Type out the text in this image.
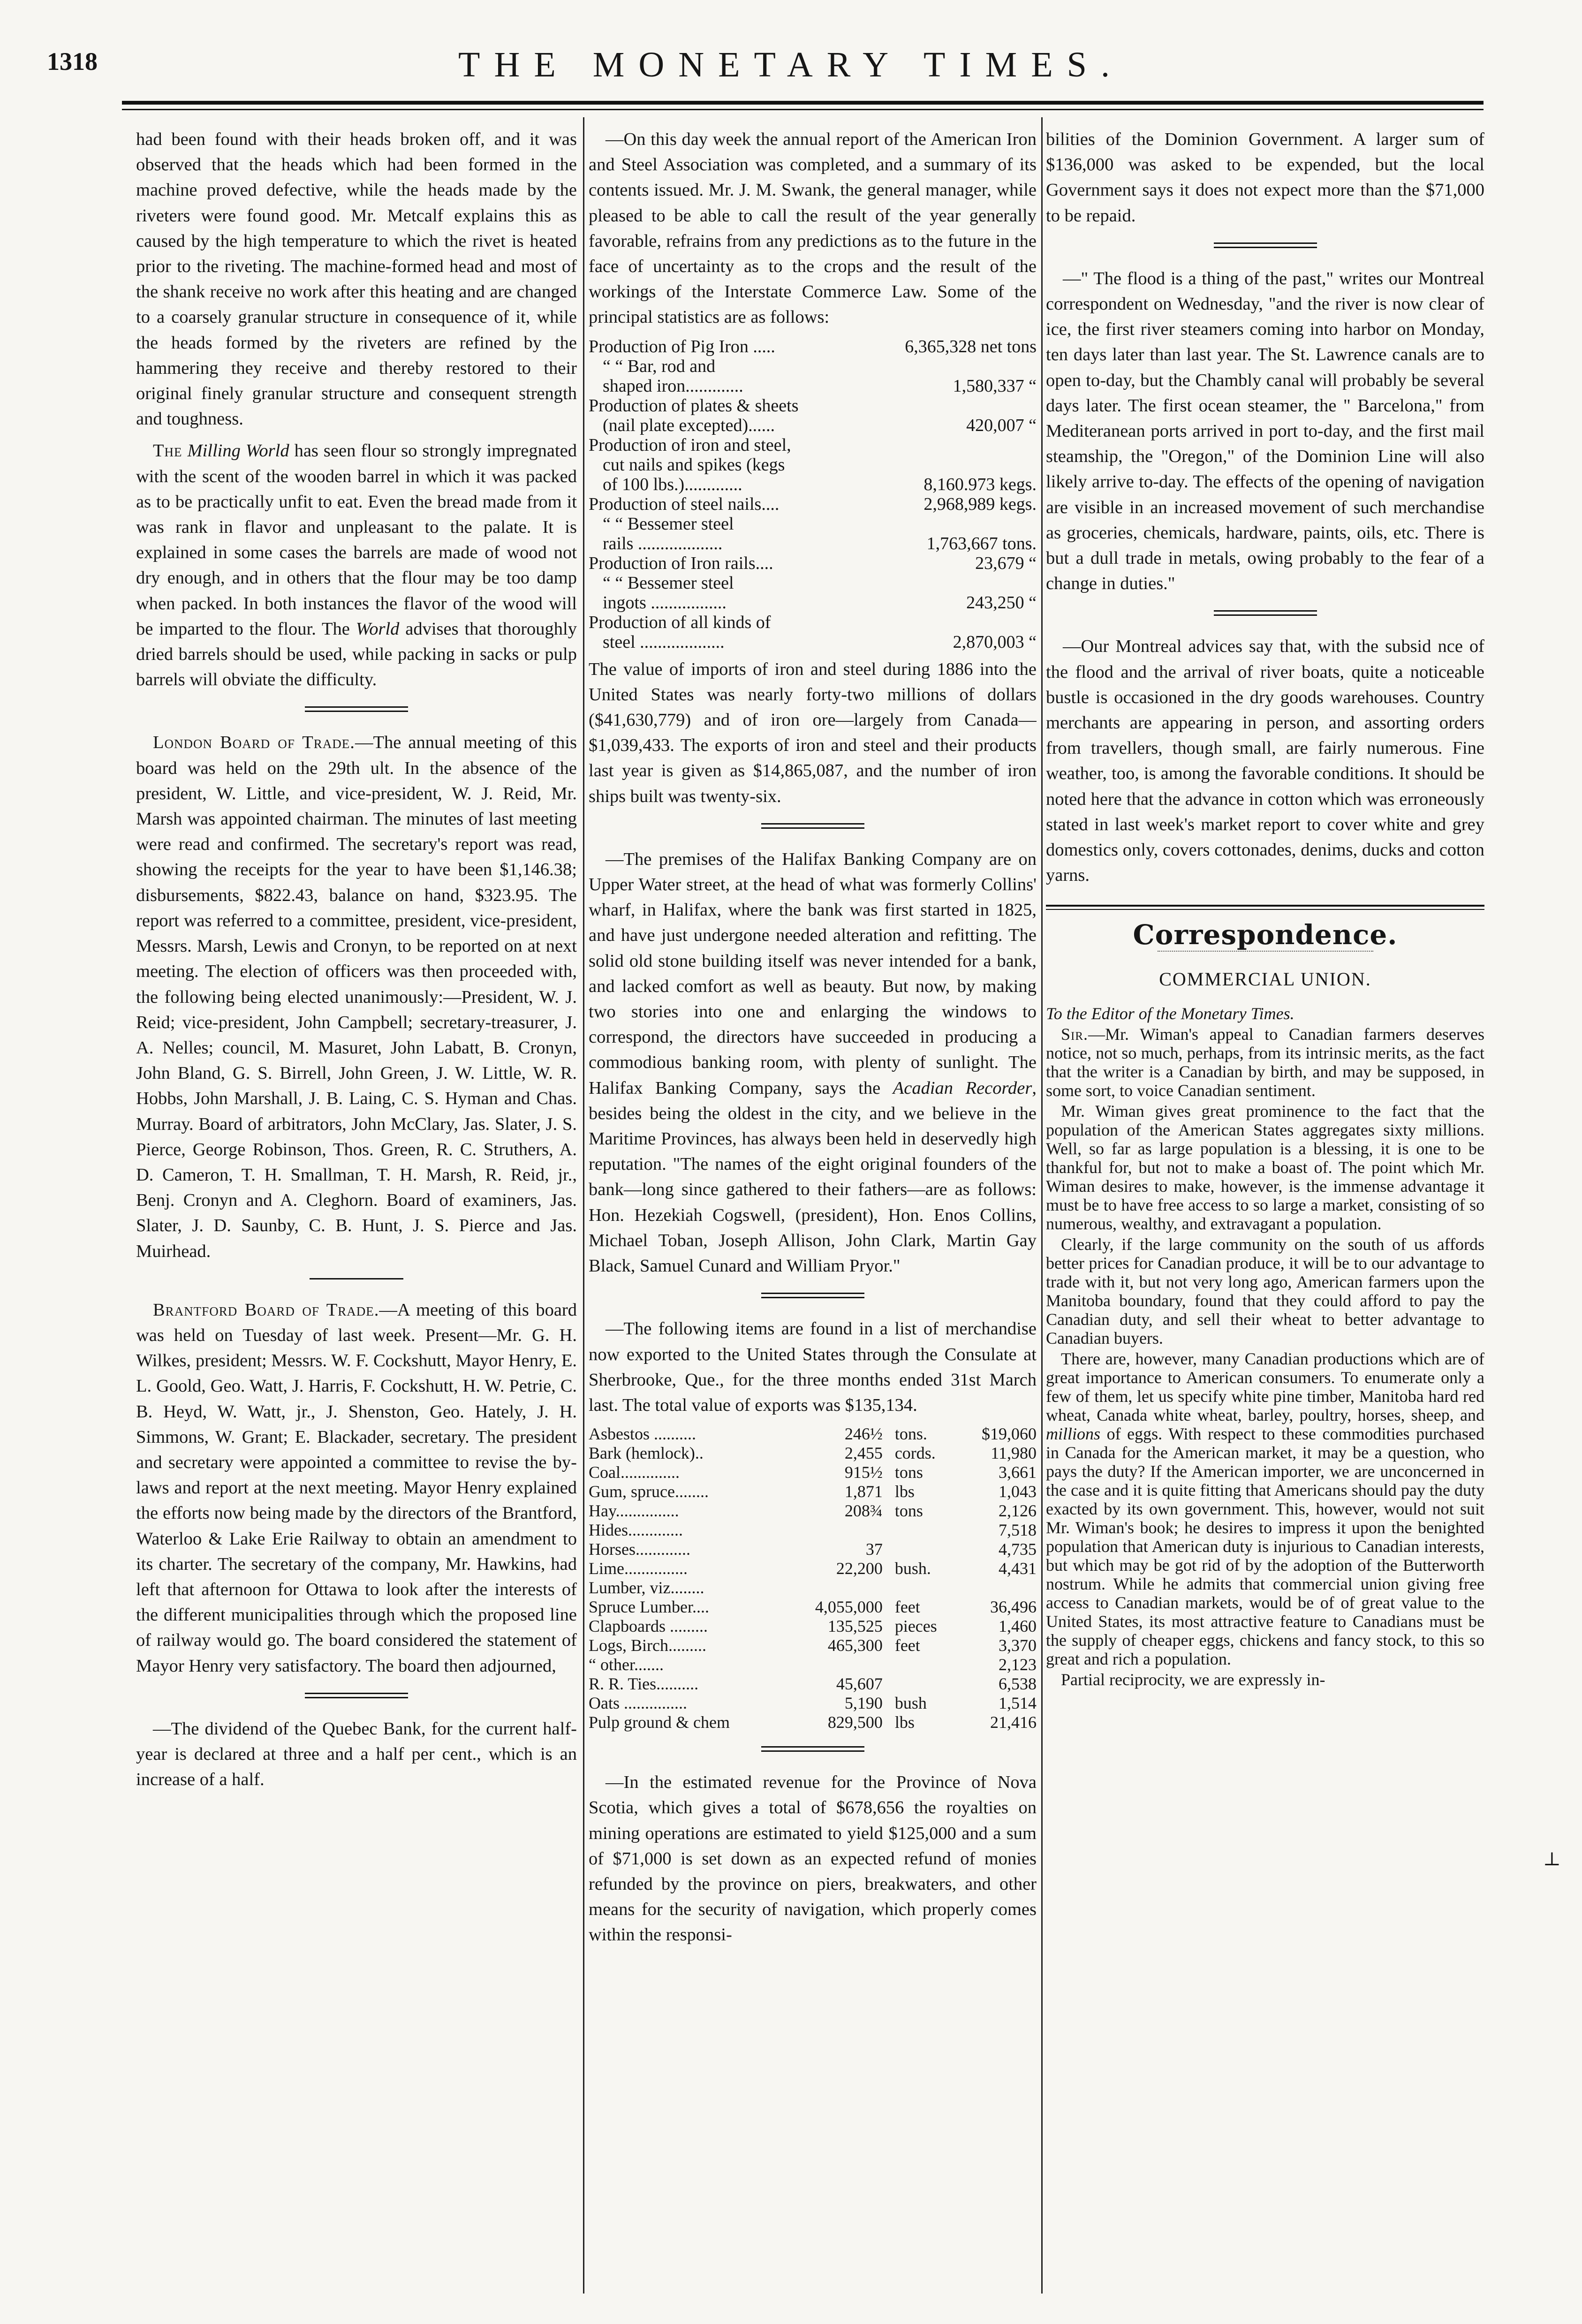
1318	THE MONETARY TIMES.

had been found with their heads broken off, and it was observed that the heads which had been formed in the machine proved defective, while the heads made by the riveters were found good. Mr. Metcalf explains this as caused by the high temperature to which the rivet is heated prior to the riveting. The machine-formed head and most of the shank receive no work after this heating and are changed to a coarsely granular structure in consequence of it, while the heads formed by the riveters are refined by the hammering they receive and thereby restored to their original finely granular structure and consequent strength and toughness.

The Milling World has seen flour so strongly impregnated with the scent of the wooden barrel in which it was packed as to be practically unfit to eat. Even the bread made from it was rank in flavor and unpleasant to the palate. It is explained in some cases the barrels are made of wood not dry enough, and in others that the flour may be too damp when packed. In both instances the flavor of the wood will be imparted to the flour. The World advises that thoroughly dried barrels should be used, while packing in sacks or pulp barrels will obviate the difficulty.

London Board of Trade.—The annual meeting of this board was held on the 29th ult. In the absence of the president, W. Little, and vice-president, W. J. Reid, Mr. Marsh was appointed chairman. The minutes of last meeting were read and confirmed. The secretary's report was read, showing the receipts for the year to have been $1,146.38; disbursements, $822.43, balance on hand, $323.95. The report was referred to a committee, president, vice-president, Messrs. Marsh, Lewis and Cronyn, to be reported on at next meeting. The election of officers was then proceeded with, the following being elected unanimously:—President, W. J. Reid; vice-president, John Campbell; secretary-treasurer, J. A. Nelles; council, M. Masuret, John Labatt, B. Cronyn, John Bland, G. S. Birrell, John Green, J. W. Little, W. R. Hobbs, John Marshall, J. B. Laing, C. S. Hyman and Chas. Murray. Board of arbitrators, John McClary, Jas. Slater, J. S. Pierce, George Robinson, Thos. Green, R. C. Struthers, A. D. Cameron, T. H. Smallman, T. H. Marsh, R. Reid, jr., Benj. Cronyn and A. Cleghorn. Board of examiners, Jas. Slater, J. D. Saunby, C. B. Hunt, J. S. Pierce and Jas. Muirhead.

Brantford Board of Trade.—A meeting of this board was held on Tuesday of last week. Present—Mr. G. H. Wilkes, president; Messrs. W. F. Cockshutt, Mayor Henry, E. L. Goold, Geo. Watt, J. Harris, F. Cockshutt, H. W. Petrie, C. B. Heyd, W. Watt, jr., J. Shenston, Geo. Hately, J. H. Simmons, W. Grant; E. Blackader, secretary. The president and secretary were appointed a committee to revise the by-laws and report at the next meeting. Mayor Henry explained the efforts now being made by the directors of the Brantford, Waterloo & Lake Erie Railway to obtain an amendment to its charter. The secretary of the company, Mr. Hawkins, had left that afternoon for Ottawa to look after the interests of the different municipalities through which the proposed line of railway would go. The board considered the statement of Mayor Henry very satisfactory. The board then adjourned,

—The dividend of the Quebec Bank, for the current half-year is declared at three and a half per cent., which is an increase of a half.

—On this day week the annual report of the American Iron and Steel Association was completed, and a summary of its contents issued. Mr. J. M. Swank, the general manager, while pleased to be able to call the result of the year generally favorable, refrains from any predictions as to the future in the face of uncertainty as to the crops and the result of the workings of the Interstate Commerce Law. Some of the principal statistics are as follows:

Production of Pig Iron .....	6,365,328 net tons
“ “ Bar, rod and
shaped iron.............	1,580,337 “
Production of plates & sheets
(nail plate excepted)......	420,007 “
Production of iron and steel,
cut nails and spikes (kegs
of 100 lbs.).............	8,160.973 kegs.
Production of steel nails....	2,968,989 kegs.
“ “ Bessemer steel
rails ...................	1,763,667 tons.
Production of Iron rails....	23,679 “
“ “ Bessemer steel
ingots .................	243,250 “
Production of all kinds of
steel ...................	2,870,003 “

The value of imports of iron and steel during 1886 into the United States was nearly forty-two millions of dollars ($41,630,779) and of iron ore—largely from Canada—$1,039,433. The exports of iron and steel and their products last year is given as $14,865,087, and the number of iron ships built was twenty-six.

—The premises of the Halifax Banking Company are on Upper Water street, at the head of what was formerly Collins' wharf, in Halifax, where the bank was first started in 1825, and have just undergone needed alteration and refitting. The solid old stone building itself was never intended for a bank, and lacked comfort as well as beauty. But now, by making two stories into one and enlarging the windows to correspond, the directors have succeeded in producing a commodious banking room, with plenty of sunlight. The Halifax Banking Company, says the Acadian Recorder, besides being the oldest in the city, and we believe in the Maritime Provinces, has always been held in deservedly high reputation. "The names of the eight original founders of the bank—long since gathered to their fathers—are as follows: Hon. Hezekiah Cogswell, (president), Hon. Enos Collins, Michael Toban, Joseph Allison, John Clark, Martin Gay Black, Samuel Cunard and William Pryor."

—The following items are found in a list of merchandise now exported to the United States through the Consulate at Sherbrooke, Que., for the three months ended 31st March last. The total value of exports was $135,134.

Asbestos ..........	246½	tons.	$19,060
Bark (hemlock)..	2,455	cords.	11,980
Coal..............	915½	tons	3,661
Gum, spruce........	1,871	lbs	1,043
Hay...............	208¾	tons	2,126
Hides.............			7,518
Horses.............	37		4,735
Lime...............	22,200	bush.	4,431
Lumber, viz........			
Spruce Lumber....	4,055,000	feet	36,496
Clapboards .........	135,525	pieces	1,460
Logs, Birch.........	465,300	feet	3,370
“ other.......			2,123
R. R. Ties..........	45,607		6,538
Oats ...............	5,190	bush	1,514
Pulp ground & chem	829,500	lbs	21,416

—In the estimated revenue for the Province of Nova Scotia, which gives a total of $678,656 the royalties on mining operations are estimated to yield $125,000 and a sum of $71,000 is set down as an expected refund of monies refunded by the province on piers, breakwaters, and other means for the security of navigation, which properly comes within the responsi-

bilities of the Dominion Government. A larger sum of $136,000 was asked to be expended, but the local Government says it does not expect more than the $71,000 to be repaid.

—" The flood is a thing of the past," writes our Montreal correspondent on Wednesday, "and the river is now clear of ice, the first river steamers coming into harbor on Monday, ten days later than last year. The St. Lawrence canals are to open to-day, but the Chambly canal will probably be several days later. The first ocean steamer, the " Barcelona," from Mediteranean ports arrived in port to-day, and the first mail steamship, the "Oregon," of the Dominion Line will also likely arrive to-day. The effects of the opening of navigation are visible in an increased movement of such merchandise as groceries, chemicals, hardware, paints, oils, etc. There is but a dull trade in metals, owing probably to the fear of a change in duties."

—Our Montreal advices say that, with the subsid nce of the flood and the arrival of river boats, quite a noticeable bustle is occasioned in the dry goods warehouses. Country merchants are appearing in person, and assorting orders from travellers, though small, are fairly numerous. Fine weather, too, is among the favorable conditions. It should be noted here that the advance in cotton which was erroneously stated in last week's market report to cover white and grey domestics only, covers cottonades, denims, ducks and cotton yarns.

Correspondence.
COMMERCIAL UNION.

To the Editor of the Monetary Times.

Sir.—Mr. Wiman's appeal to Canadian farmers deserves notice, not so much, perhaps, from its intrinsic merits, as the fact that the writer is a Canadian by birth, and may be supposed, in some sort, to voice Canadian sentiment.

Mr. Wiman gives great prominence to the fact that the population of the American States aggregates sixty millions. Well, so far as large population is a blessing, it is one to be thankful for, but not to make a boast of. The point which Mr. Wiman desires to make, however, is the immense advantage it must be to have free access to so large a market, consisting of so numerous, wealthy, and extravagant a population.

Clearly, if the large community on the south of us affords better prices for Canadian produce, it will be to our advantage to trade with it, but not very long ago, American farmers upon the Manitoba boundary, found that they could afford to pay the Canadian duty, and sell their wheat to better advantage to Canadian buyers.

There are, however, many Canadian productions which are of great importance to American consumers. To enumerate only a few of them, let us specify white pine timber, Manitoba hard red wheat, Canada white wheat, barley, poultry, horses, sheep, and millions of eggs. With respect to these commodities purchased in Canada for the American market, it may be a question, who pays the duty? If the American importer, we are unconcerned in the case and it is quite fitting that Americans should pay the duty exacted by its own government. This, however, would not suit Mr. Wiman's book; he desires to impress it upon the benighted population that American duty is injurious to Canadian interests, but which may be got rid of by the adoption of the Butterworth nostrum. While he admits that commercial union giving free access to Canadian markets, would be of of great value to the United States, its most attractive feature to Canadians must be the supply of cheaper eggs, chickens and fancy stock, to this so great and rich a population.

Partial reciprocity, we are expressly in-

⊥
